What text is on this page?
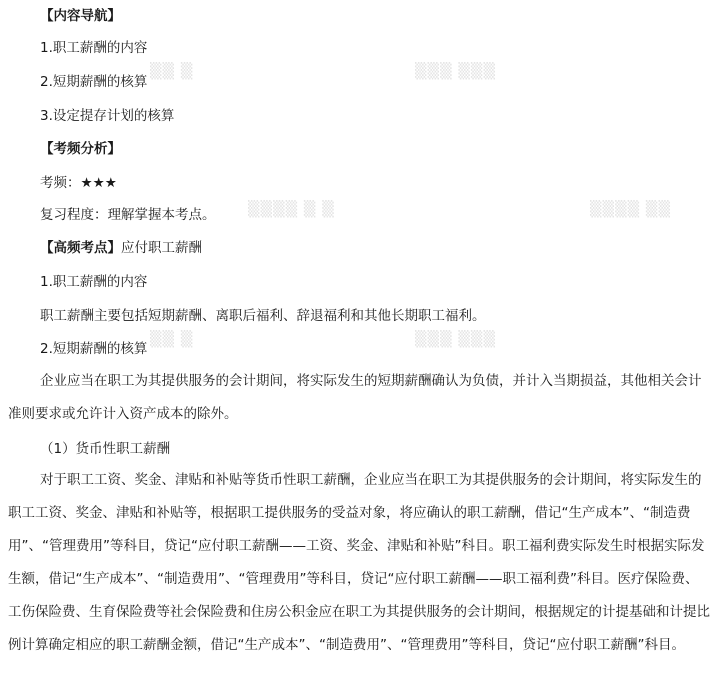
▒▒ ▒	▒▒▒ ▒▒▒
▒▒▒▒ ▒ ▒	▒▒▒▒ ▒▒
▒▒ ▒	▒▒▒ ▒▒▒
【内容导航】
1.职工薪酬的内容
2.短期薪酬的核算
3.设定提存计划的核算
【考频分析】
考频：★★★
复习程度：理解掌握本考点。
【高频考点】应付职工薪酬
1.职工薪酬的内容
职工薪酬主要包括短期薪酬、离职后福利、辞退福利和其他长期职工福利。
2.短期薪酬的核算
企业应当在职工为其提供服务的会计期间，将实际发生的短期薪酬确认为负债，并计入当期损益，其他相关会计准则要求或允许计入资产成本的除外。
（1）货币性职工薪酬
对于职工工资、奖金、津贴和补贴等货币性职工薪酬，企业应当在职工为其提供服务的会计期间，将实际发生的职工工资、奖金、津贴和补贴等，根据职工提供服务的受益对象，将应确认的职工薪酬，借记“生产成本”、“制造费用”、“管理费用”等科目，贷记“应付职工薪酬——工资、奖金、津贴和补贴”科目。职工福利费实际发生时根据实际发生额，借记“生产成本”、“制造费用”、“管理费用”等科目，贷记“应付职工薪酬——职工福利费”科目。医疗保险费、工伤保险费、生育保险费等社会保险费和住房公积金应在职工为其提供服务的会计期间，根据规定的计提基础和计提比例计算确定相应的职工薪酬金额，借记“生产成本”、“制造费用”、“管理费用”等科目，贷记“应付职工薪酬”科目。
